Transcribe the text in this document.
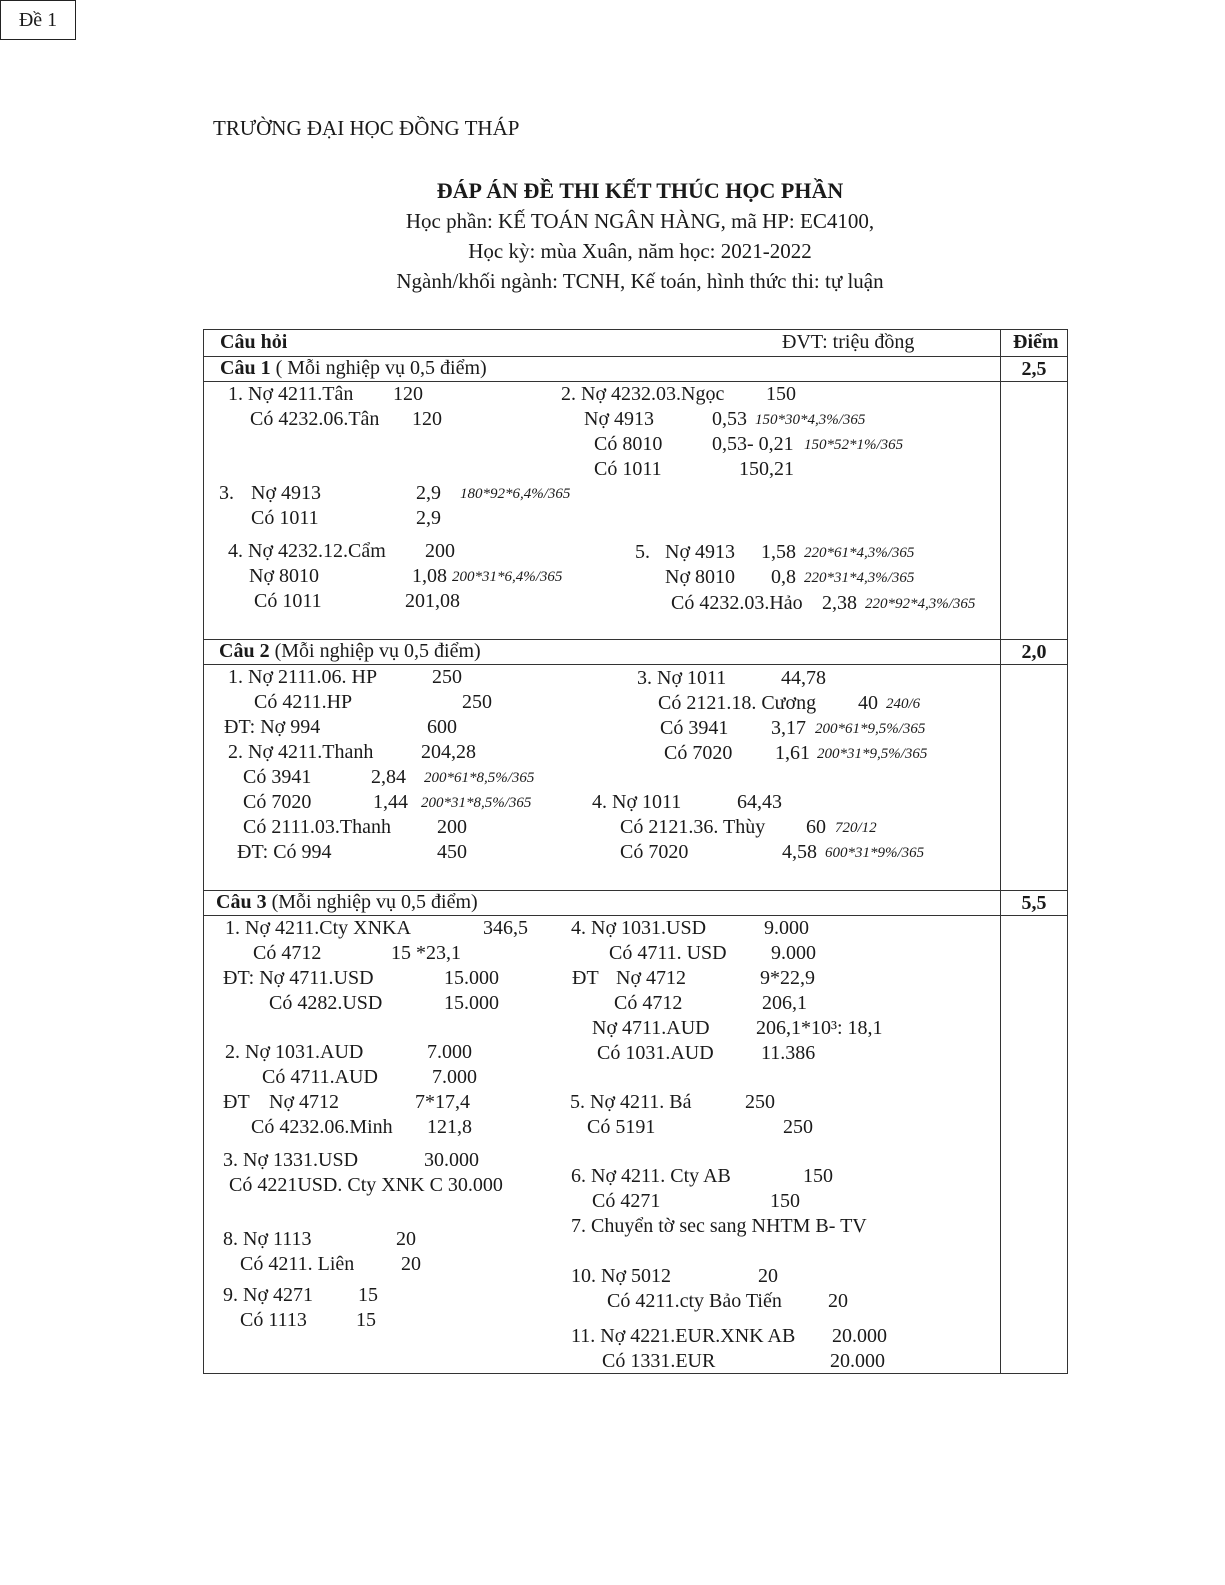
TRƯỜNG ĐẠI HỌC ĐỒNG THÁP
Đề 1
ĐÁP ÁN ĐỀ THI KẾT THÚC HỌC PHẦN
Học phần: KẾ TOÁN NGÂN HÀNG, mã HP: EC4100,
Học kỳ: mùa Xuân, năm học: 2021-2022
Ngành/khối ngành: TCNH, Kế toán, hình thức thi: tự luận
Câu hỏi	ĐVT: triệu đồng	Điểm
Câu 1 ( Mỗi nghiệp vụ 0,5 điểm)	2,5
1. Nợ 4211.Tân 120
Có 4232.06.Tân 120
2. Nợ 4232.03.Ngọc 150
Nợ 4913	0,53 150*30*4,3%/365
Có 8010 0,53- 0,21 150*52*1%/365
Có 1011	150,21
3. Nợ 4913	2,9 180*92*6,4%/365
Có 1011	2,9
4. Nợ 4232.12.Cẩm 200
Nợ 8010	1,08 200*31*6,4%/365
Có 1011	201,08
5. Nợ 4913 1,58 220*61*4,3%/365
Nợ 8010 0,8 220*31*4,3%/365
Có 4232.03.Hảo 2,38 220*92*4,3%/365
Câu 2 (Mỗi nghiệp vụ 0,5 điểm)	2,0
1. Nợ 2111.06. HP	250
Có 4211.HP	250
ĐT: Nợ 994	600
2. Nợ 4211.Thanh 204,28
Có 3941	2,84 200*61*8,5%/365
Có 7020	1,44 200*31*8,5%/365
Có 2111.03.Thanh 200
ĐT: Có 994	450
3. Nợ 1011	44,78
Có 2121.18. Cương 40 240/6
Có 3941 3,17 200*61*9,5%/365
Có 7020 1,61 200*31*9,5%/365
4. Nợ 1011	64,43
Có 2121.36. Thùy 60 720/12
Có 7020	4,58 600*31*9%/365
Câu 3 (Mỗi nghiệp vụ 0,5 điểm)	5,5
1. Nợ 4211.Cty XNKA	346,5
Có 4712	15 *23,1
ĐT: Nợ 4711.USD	15.000
Có 4282.USD	15.000
2. Nợ 1031.AUD	7.000
Có 4711.AUD	7.000
ĐT Nợ 4712	7*17,4
Có 4232.06.Minh 121,8
3. Nợ 1331.USD	30.000
Có 4221USD. Cty XNK C 30.000
4. Nợ 1031.USD	9.000
Có 4711. USD 9.000
ĐT Nợ 4712	9*22,9
Có 4712	206,1
Nợ 4711.AUD 206,1*10³: 18,1
Có 1031.AUD 11.386
5. Nợ 4211. Bá	250
Có 5191	250
6. Nợ 4211. Cty AB	150
Có 4271	150
7. Chuyển tờ sec sang NHTM B- TV
8. Nợ 1113	20
Có 4211. Liên 20
9. Nợ 4271 15
Có 1113 15
10. Nợ 5012	20
Có 4211.cty Bảo Tiến 20
11. Nợ 4221.EUR.XNK AB 20.000
Có 1331.EUR	20.000
